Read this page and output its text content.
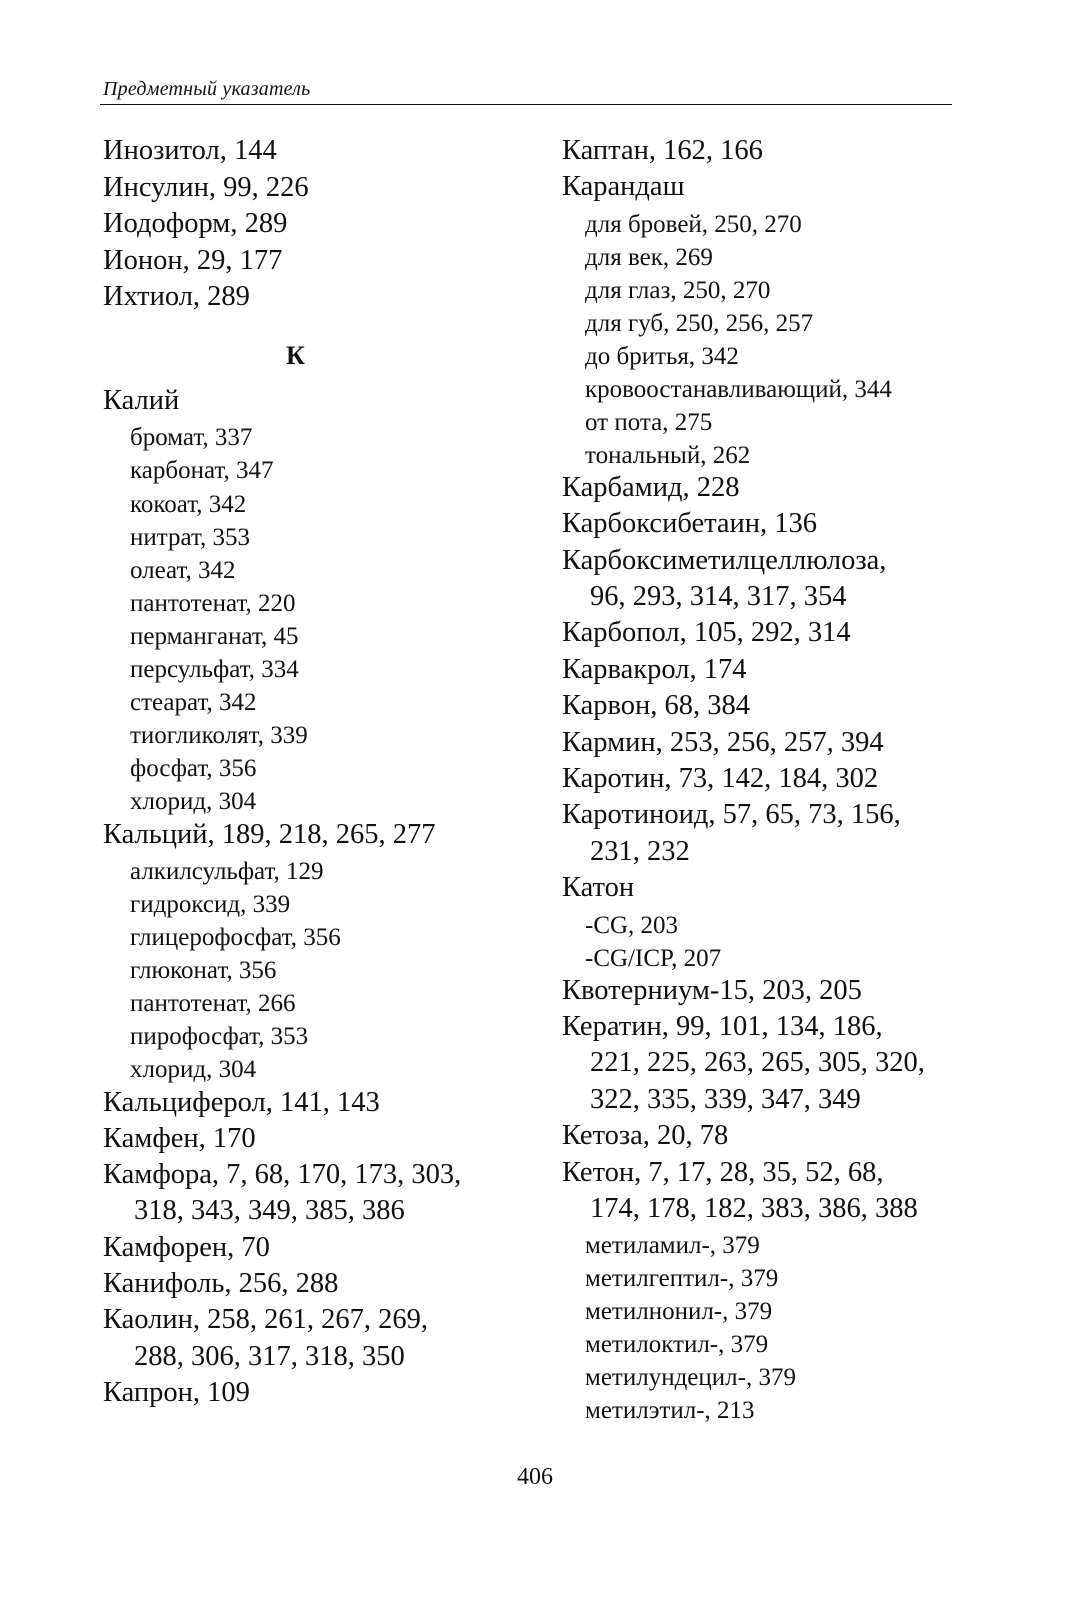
Предметный указатель
Инозитол, 144
Инсулин, 99, 226
Иодоформ, 289
Ионон, 29, 177
Ихтиол, 289
К
Калий
бромат, 337
карбонат, 347
кокоат, 342
нитрат, 353
олеат, 342
пантотенат, 220
перманганат, 45
персульфат, 334
стеарат, 342
тиогликолят, 339
фосфат, 356
хлорид, 304
Кальций, 189, 218, 265, 277
алкилсульфат, 129
гидроксид, 339
глицерофосфат, 356
глюконат, 356
пантотенат, 266
пирофосфат, 353
хлорид, 304
Кальциферол, 141, 143
Камфен, 170
Камфора, 7, 68, 170, 173, 303,
318, 343, 349, 385, 386
Камфорен, 70
Канифоль, 256, 288
Каолин, 258, 261, 267, 269,
288, 306, 317, 318, 350
Капрон, 109
Каптан, 162, 166
Карандаш
для бровей, 250, 270
для век, 269
для глаз, 250, 270
для губ, 250, 256, 257
до бритья, 342
кровоостанавливающий, 344
от пота, 275
тональный, 262
Карбамид, 228
Карбоксибетаин, 136
Карбоксиметилцеллюлоза,
96, 293, 314, 317, 354
Карбопол, 105, 292, 314
Карвакрол, 174
Карвон, 68, 384
Кармин, 253, 256, 257, 394
Каротин, 73, 142, 184, 302
Каротиноид, 57, 65, 73, 156,
231, 232
Катон
-CG, 203
-CG/ICP, 207
Квотерниум-15, 203, 205
Кератин, 99, 101, 134, 186,
221, 225, 263, 265, 305, 320,
322, 335, 339, 347, 349
Кетоза, 20, 78
Кетон, 7, 17, 28, 35, 52, 68,
174, 178, 182, 383, 386, 388
метиламил-, 379
метилгептил-, 379
метилнонил-, 379
метилоктил-, 379
метилундецил-, 379
метилэтил-, 213
406
